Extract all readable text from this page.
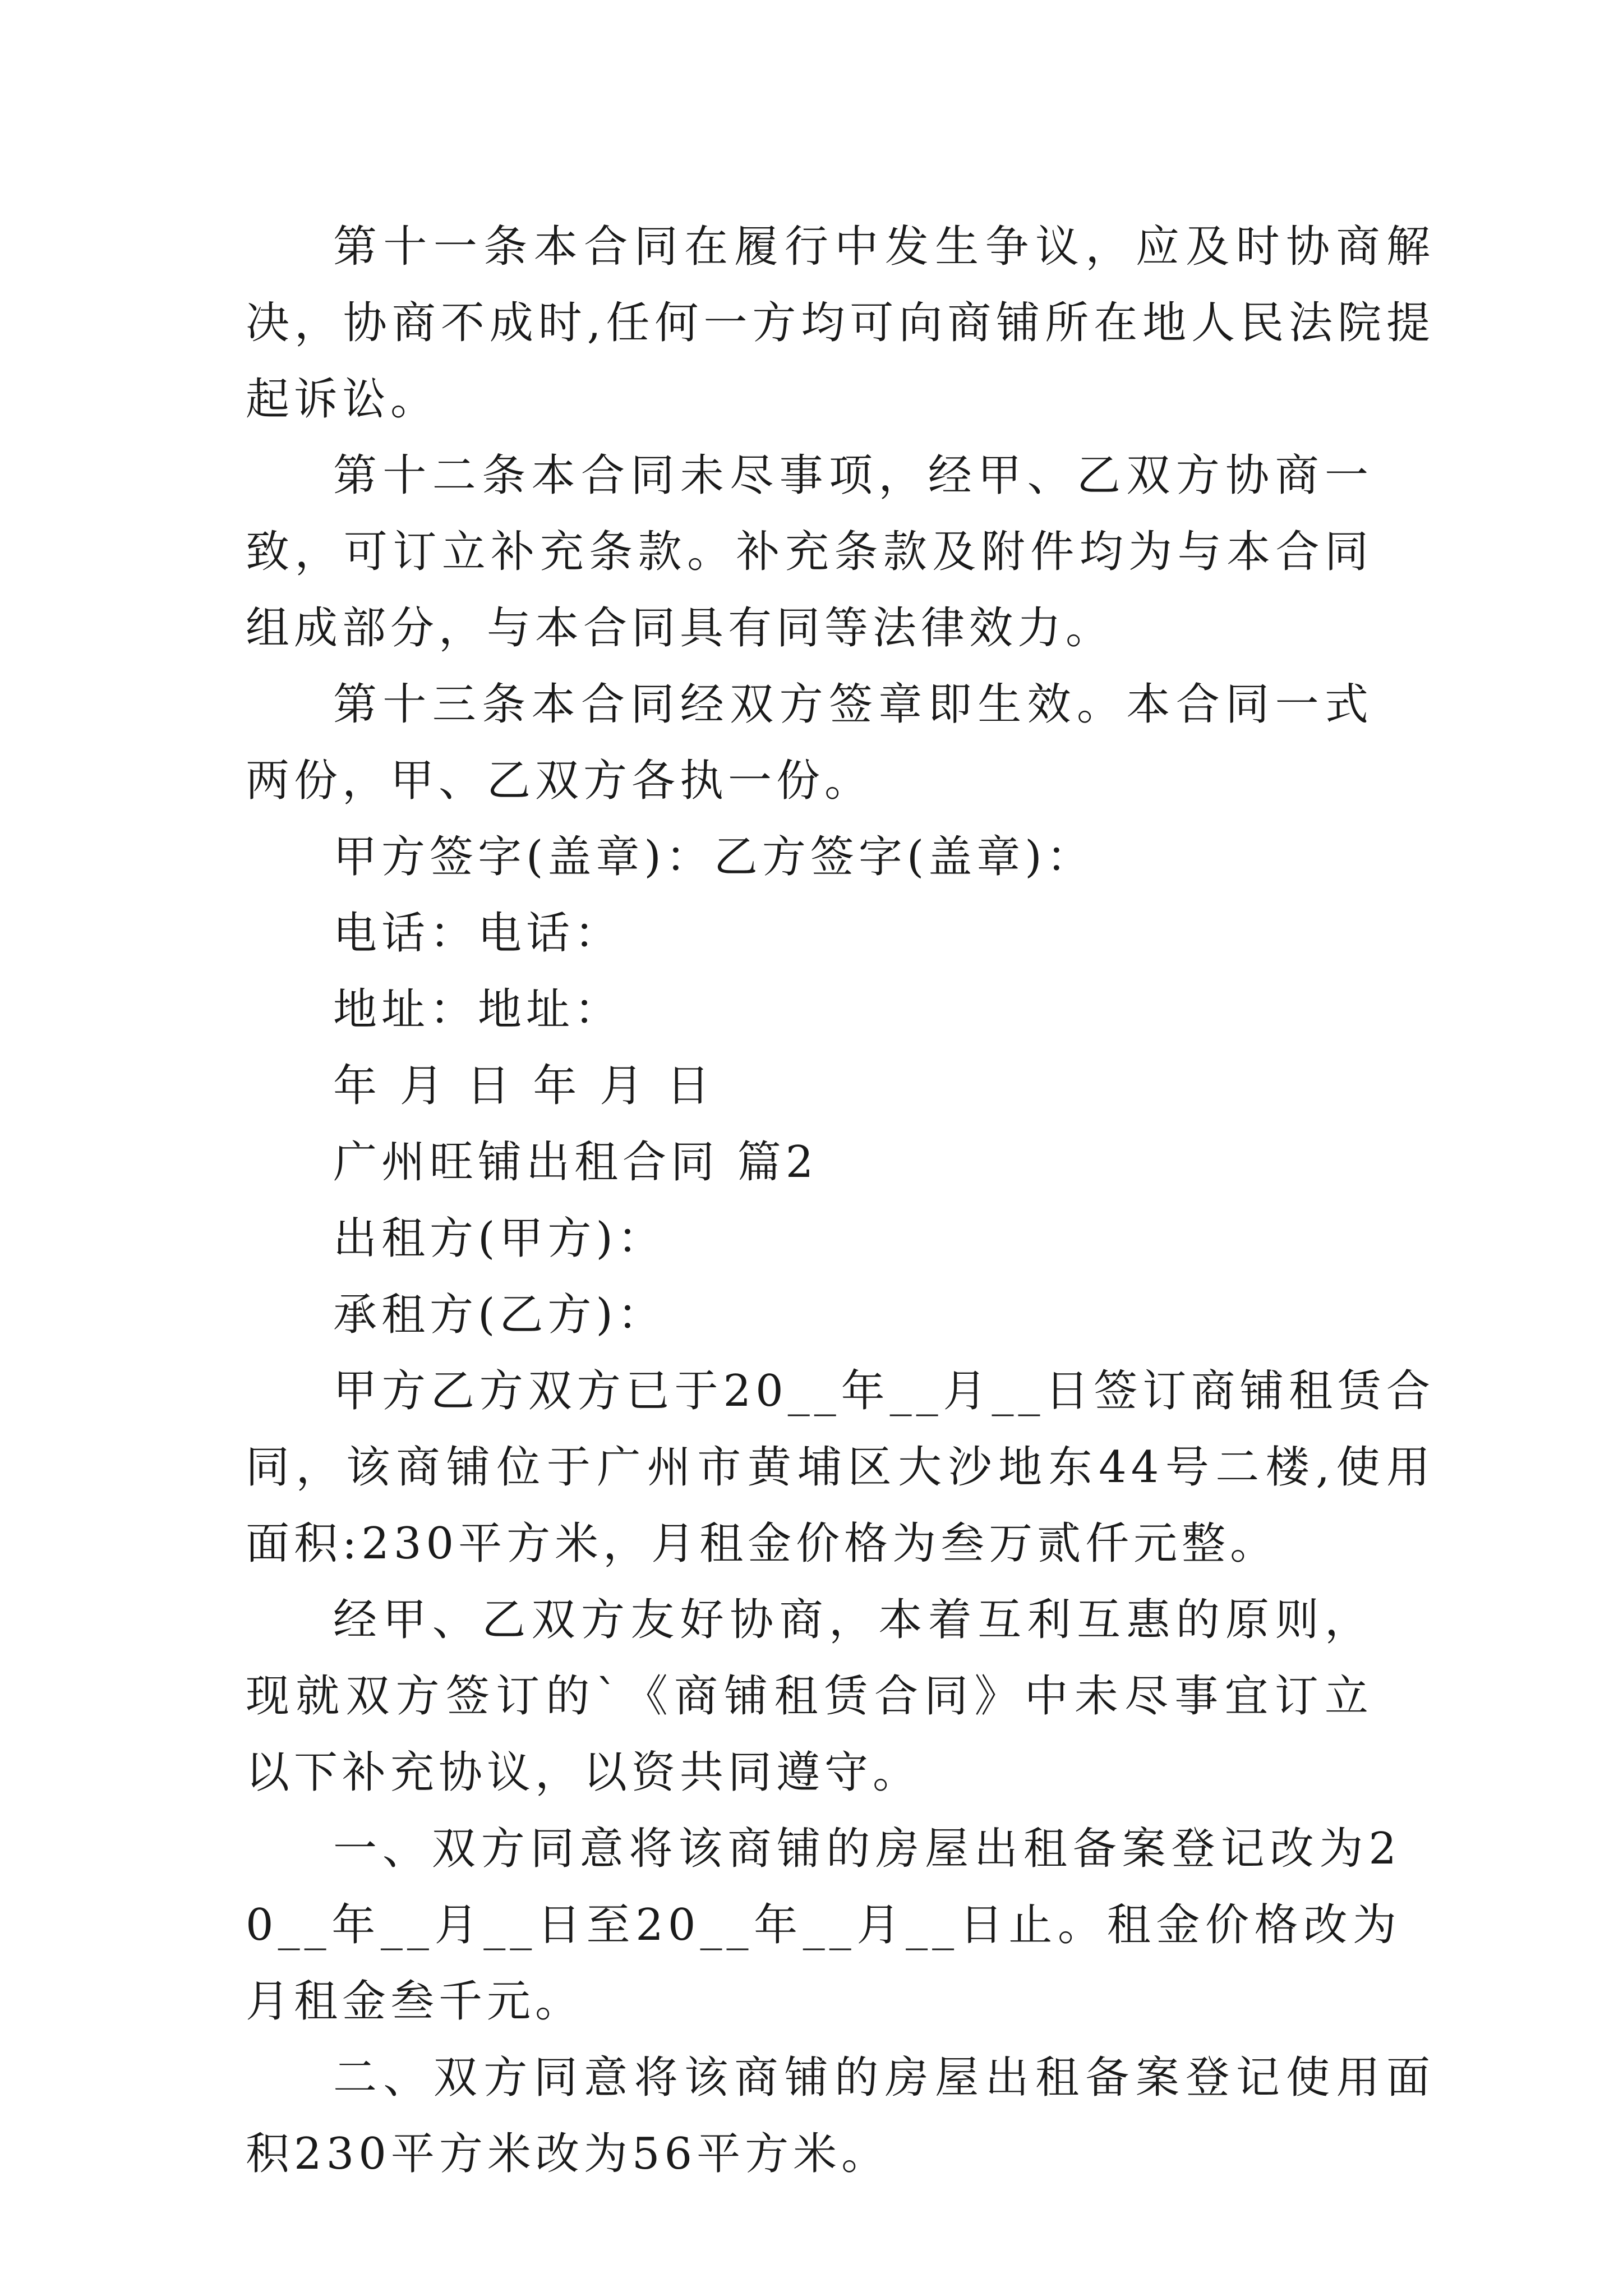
第十一条本合同在履行中发生争议，应及时协商解决，协商不成时,任何一方均可向商铺所在地人民法院提起诉讼。

第十二条本合同未尽事项，经甲、乙双方协商一致，可订立补充条款。补充条款及附件均为与本合同组成部分，与本合同具有同等法律效力。

第十三条本合同经双方签章即生效。本合同一式两份，甲、乙双方各执一份。

甲方签字(盖章)：乙方签字(盖章)：

电话：电话：

地址：地址：

年 月 日 年 月 日

广州旺铺出租合同 篇2

出租方(甲方)：

承租方(乙方)：

甲方乙方双方已于20__年__月__日签订商铺租赁合同，该商铺位于广州市黄埔区大沙地东44号二楼,使用面积:230平方米，月租金价格为叁万贰仟元整。

经甲、乙双方友好协商，本着互利互惠的原则，现就双方签订的`《商铺租赁合同》中未尽事宜订立以下补充协议，以资共同遵守。

一、双方同意将该商铺的房屋出租备案登记改为20__年__月__日至20__年__月__日止。租金价格改为月租金叁千元。

二、双方同意将该商铺的房屋出租备案登记使用面积230平方米改为56平方米。
